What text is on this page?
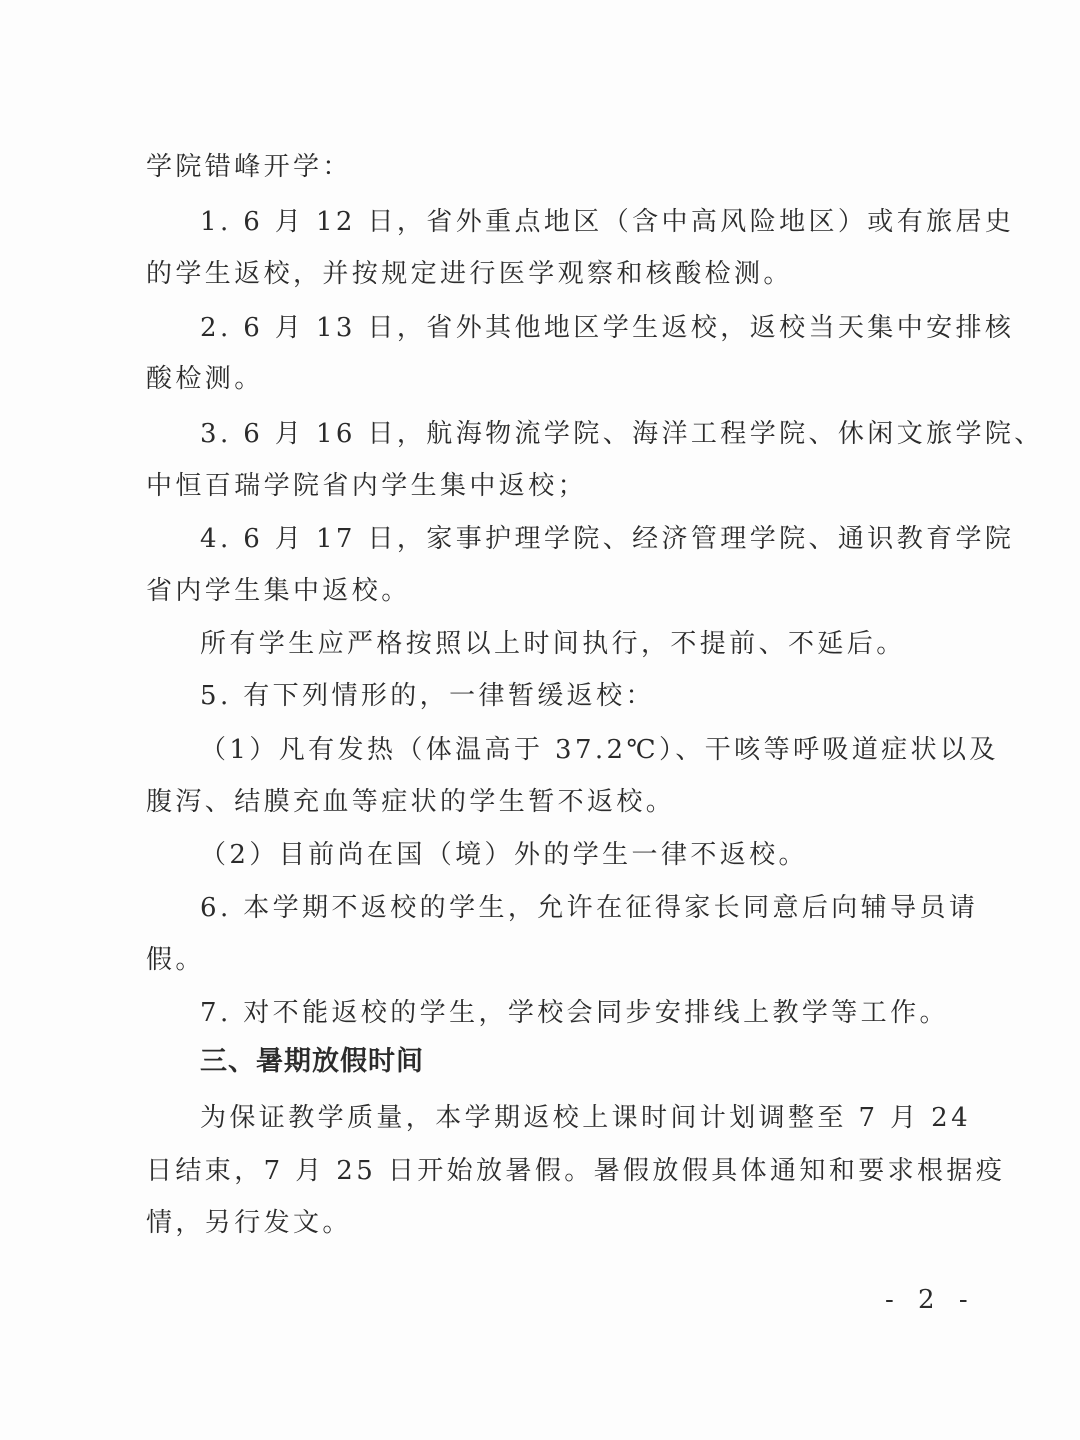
学院错峰开学：
1. 6 月 12 日，省外重点地区（含中高风险地区）或有旅居史
的学生返校，并按规定进行医学观察和核酸检测。
2. 6 月 13 日，省外其他地区学生返校，返校当天集中安排核
酸检测。
3. 6 月 16 日，航海物流学院、海洋工程学院、休闲文旅学院、
中恒百瑞学院省内学生集中返校；
4. 6 月 17 日，家事护理学院、经济管理学院、通识教育学院
省内学生集中返校。
所有学生应严格按照以上时间执行，不提前、不延后。
5. 有下列情形的，一律暂缓返校：
（1）凡有发热（体温高于 37.2℃）、干咳等呼吸道症状以及
腹泻、结膜充血等症状的学生暂不返校。
（2）目前尚在国（境）外的学生一律不返校。
6. 本学期不返校的学生，允许在征得家长同意后向辅导员请
假。
7. 对不能返校的学生，学校会同步安排线上教学等工作。
三、暑期放假时间
为保证教学质量，本学期返校上课时间计划调整至 7 月 24
日结束，7 月 25 日开始放暑假。暑假放假具体通知和要求根据疫
情，另行发文。
- 2 -
